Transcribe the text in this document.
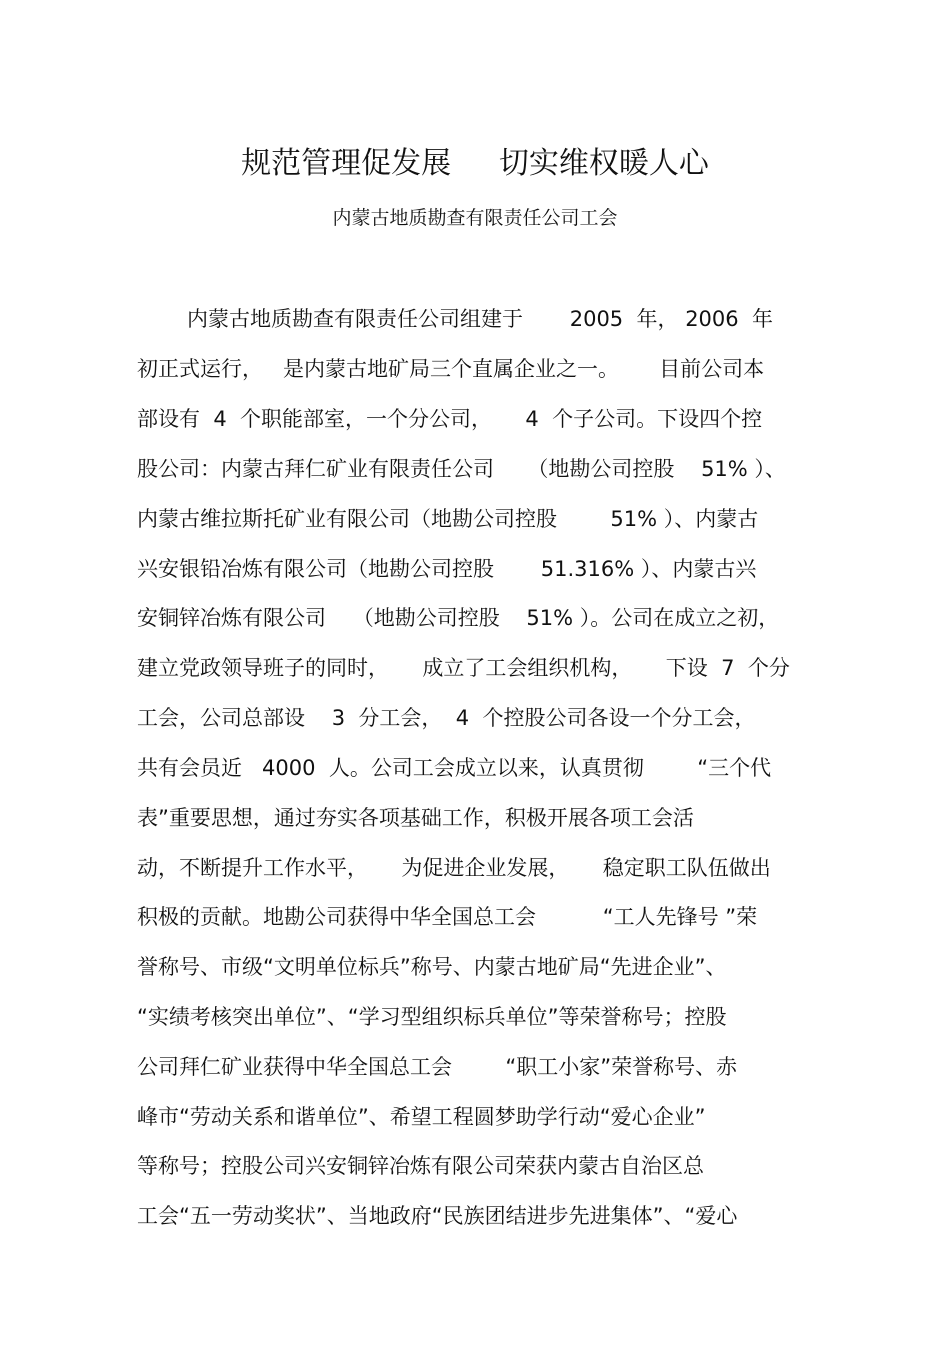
规范管理促发展     切实维权暖人心
内蒙古地质勘查有限责任公司工会
内蒙古地质勘查有限责任公司组建于       2005  年， 2006  年
初正式运行，   是内蒙古地矿局三个直属企业之一。      目前公司本
部设有  4  个职能部室，一个分公司，     4  个子公司。下设四个控
股公司：内蒙古拜仁矿业有限责任公司     （地勘公司控股    51% ）、
内蒙古维拉斯托矿业有限公司（地勘公司控股        51% ）、内蒙古
兴安银铅冶炼有限公司（地勘公司控股       51.316% ）、内蒙古兴
安铜锌冶炼有限公司    （地勘公司控股    51% ）。公司在成立之初，
建立党政领导班子的同时，     成立了工会组织机构，     下设  7  个分
工会，公司总部设    3  分工会，  4  个控股公司各设一个分工会，
共有会员近   4000  人。公司工会成立以来，认真贯彻        “三个代
表”重要思想，通过夯实各项基础工作，积极开展各项工会活
动，不断提升工作水平，     为促进企业发展，     稳定职工队伍做出
积极的贡献。地勘公司获得中华全国总工会          “工人先锋号 ”荣
誉称号、市级“文明单位标兵”称号、内蒙古地矿局“先进企业”、
“实绩考核突出单位”、“学习型组织标兵单位”等荣誉称号；控股
公司拜仁矿业获得中华全国总工会        “职工小家”荣誉称号、赤
峰市“劳动关系和谐单位”、希望工程圆梦助学行动“爱心企业”
等称号；控股公司兴安铜锌冶炼有限公司荣获内蒙古自治区总
工会“五一劳动奖状”、当地政府“民族团结进步先进集体”、“爱心
